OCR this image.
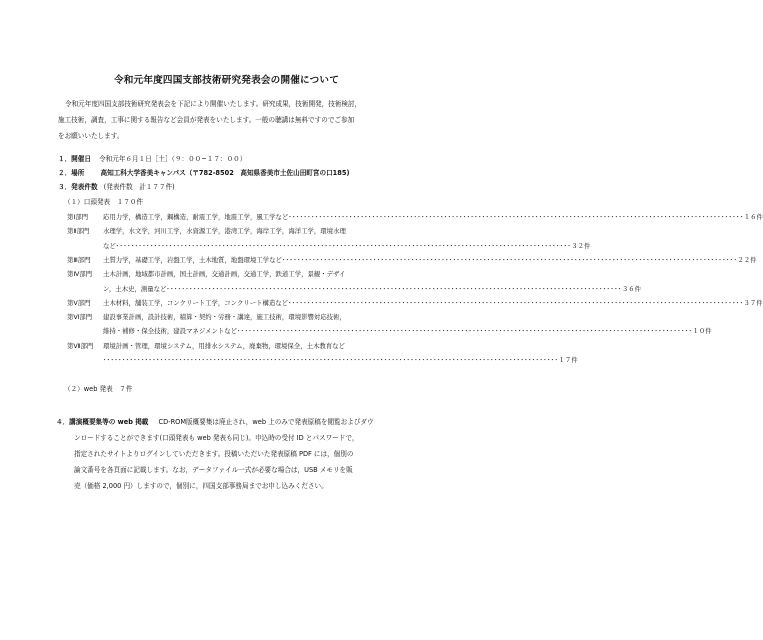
令和元年度四国支部技術研究発表会の開催について
令和元年度四国支部技術研究発表会を下記により開催いたします。研究成果，技術開発，技術検討，
施工技術，調査，工事に関する報告など会員が発表をいたします。一般の聴講は無料ですのでご参加
をお願いいたします。
１．開催日 令和元年６月１日［土］（９：００~１７：００）
２．場所 高知工科大学香美キャンパス（〒782-8502　高知県香美市土佐山田町宮の口185)
３．発表件数 (発表件数　計１７７件)
（１）口頭発表　１７０件
第Ⅰ部門 応用力学，構造工学，鋼構造，耐震工学，地震工学，風工学など ････････････････････････････････････････････････････････････････････････････････････････････････････････････････････････ １６件
第Ⅱ部門 水理学，水文学，河川工学，水資源工学，港湾工学，海岸工学，海洋工学，環境水理
など ････････････････････････････････････････････････････････････････････････････････････････････････････････････････････････ ３２件
第Ⅲ部門 土質力学，基礎工学，岩盤工学，土木地質，地盤環境工学など ････････････････････････････････････････････････････････････････････････････････････････････････････････････････････････ ２２件
第Ⅳ部門 土木計画，地域都市計画，国土計画，交通計画，交通工学，鉄道工学，景観・デザイ
ン，土木史，測量など ････････････････････････････････････････････････････････････････････････････････････････････････････････････････････････ ３６件
第Ⅴ部門 土木材料，舗装工学，コンクリート工学，コンクリート構造など ････････････････････････････････････････････････････････････････････････････････････････････････････････････････････････ ３７件
第Ⅵ部門 建設事業計画，設計技術，積算・契約・労務・講達，施工技術，環境影響対応技術，
維持・補修・保全技術，建設マネジメントなど ････････････････････････････････････････････････････････････････････････････････････････････････････････････････････････ １０件
第Ⅶ部門 環境計画・管理，環境システム，用排水システム，廃棄物，環境保全，土木教育など
････････････････････････････････････････････････････････････････････････････････････････････････････････････････････････ １７件
（２）web 発表　７件
４．講演概要集等の web 掲載 CD-ROM版概要集は廃止され，web 上のみで発表原稿を閲覧およびダウ
ンロードすることができます(口頭発表も web 発表も同じ)。申込時の受付 ID とパスワードで，
指定されたサイトよりログインしていただきます。投稿いただいた発表原稿 PDF には，個別の
論文番号を各頁面に記載します。なお，データファイル一式が必要な場合は，USB メモリを販
売（価格 2,000 円）しますので，個別に，四国支部事務局までお申し込みください。
